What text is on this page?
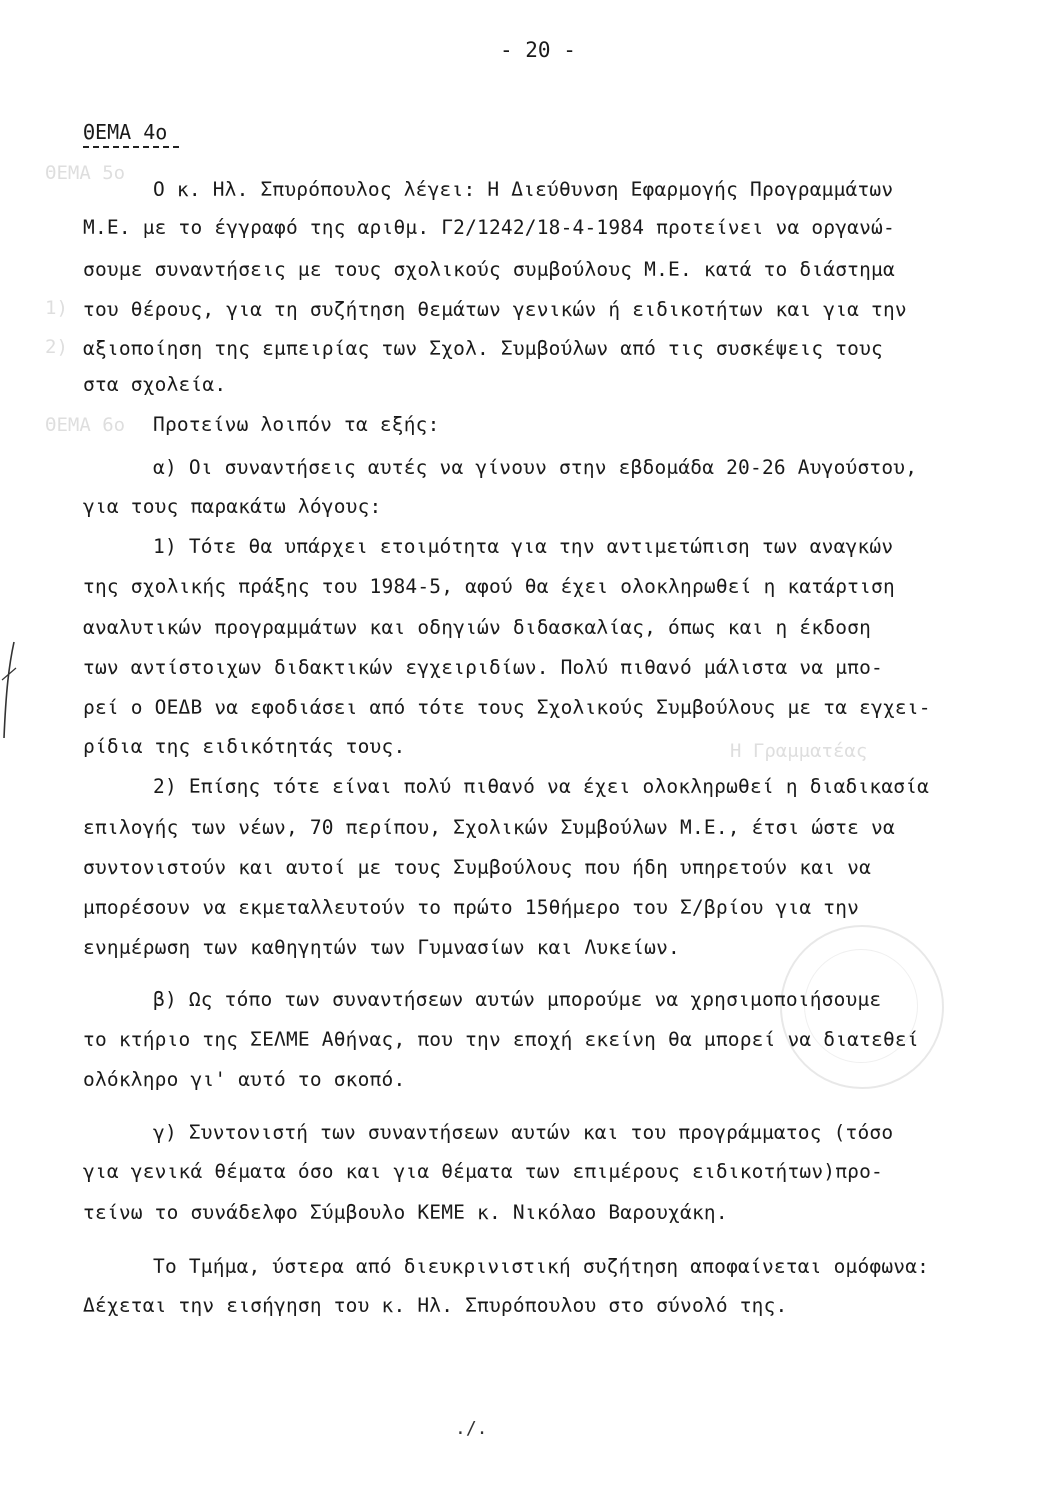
ΘΕΜΑ 5ο
1)
2)
ΘΕΜΑ 6ο
Η Γραμματέας
- 20 -
ΘΕΜΑ 4ο
Ο κ. Ηλ. Σπυρόπουλος λέγει: Η Διεύθυνση Εφαρμογής Προγραμμάτων
Μ.Ε. με το έγγραφό της αριθμ. Γ2/1242/18-4-1984 προτείνει να οργανώ-
σουμε συναντήσεις με τους σχολικούς συμβούλους Μ.Ε. κατά το διάστημα
του θέρους, για τη συζήτηση θεμάτων γενικών ή ειδικοτήτων και για την
αξιοποίηση της εμπειρίας των Σχολ. Συμβούλων από τις συσκέψεις τους
στα σχολεία.
Προτείνω λοιπόν τα εξής:
α) Οι συναντήσεις αυτές να γίνουν στην εβδομάδα 20-26 Αυγούστου,
για τους παρακάτω λόγους:
1) Τότε θα υπάρχει ετοιμότητα για την αντιμετώπιση των αναγκών
της σχολικής πράξης του 1984-5, αφού θα έχει ολοκληρωθεί η κατάρτιση
αναλυτικών προγραμμάτων και οδηγιών διδασκαλίας, όπως και η έκδοση
των αντίστοιχων διδακτικών εγχειριδίων. Πολύ πιθανό μάλιστα να μπο-
ρεί ο ΟΕΔΒ να εφοδιάσει από τότε τους Σχολικούς Συμβούλους με τα εγχει-
ρίδια της ειδικότητάς τους.
2) Επίσης τότε είναι πολύ πιθανό να έχει ολοκληρωθεί η διαδικασία
επιλογής των νέων, 70 περίπου, Σχολικών Συμβούλων Μ.Ε., έτσι ώστε να
συντονιστούν και αυτοί με τους Συμβούλους που ήδη υπηρετούν και να
μπορέσουν να εκμεταλλευτούν το πρώτο 15θήμερο του Σ/βρίου για την
ενημέρωση των καθηγητών των Γυμνασίων και Λυκείων.
β) Ως τόπο των συναντήσεων αυτών μπορούμε να χρησιμοποιήσουμε
το κτήριο της ΣΕΛΜΕ Αθήνας, που την εποχή εκείνη θα μπορεί να διατεθεί
ολόκληρο γι' αυτό το σκοπό.
γ) Συντονιστή των συναντήσεων αυτών και του προγράμματος (τόσο
για γενικά θέματα όσο και για θέματα των επιμέρους ειδικοτήτων)προ-
τείνω το συνάδελφο Σύμβουλο ΚΕΜΕ κ. Νικόλαο Βαρουχάκη.
Το Τμήμα, ύστερα από διευκρινιστική συζήτηση αποφαίνεται ομόφωνα:
Δέχεται την εισήγηση του κ. Ηλ. Σπυρόπουλου στο σύνολό της.
./.
